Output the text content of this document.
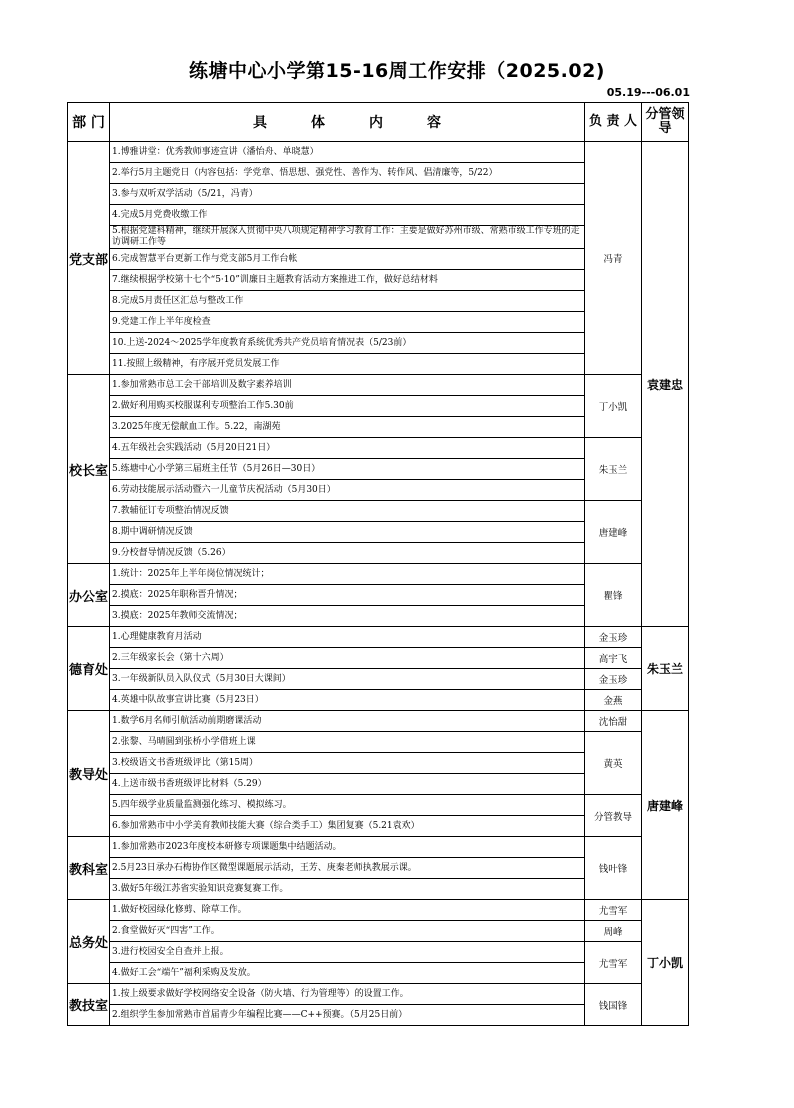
练塘中心小学第15-16周工作安排（2025.02)
05.19---06.01
部 门	具 体 内 容	负 责 人	分管领导
党支部	1.博雅讲堂：优秀教师事迹宣讲（潘怡舟、单晓慧）	冯青	袁建忠
	2.举行5月主题党日（内容包括：学党章、悟思想、强党性、善作为、转作风、倡清廉等，5/22）		
	3.参与双听双学活动（5/21，冯青）		
	4.完成5月党费收缴工作		
	5.根据党建科精神，继续开展深入贯彻中央八项规定精神学习教育工作：主要是做好苏州市级、常熟市级工作专班的走访调研工作等		
	6.完成智慧平台更新工作与党支部5月工作台帐		
	7.继续根据学校第十七个“5·10”训廉日主题教育活动方案推进工作，做好总结材料		
	8.完成5月责任区汇总与整改工作		
	9.党建工作上半年度检查		
	10.上送-2024～2025学年度教育系统优秀共产党员培育情况表（5/23前）		
	11.按照上级精神，有序展开党员发展工作		
校长室	1.参加常熟市总工会干部培训及数字素养培训	丁小凯	
	2.做好利用购买校服谋利专项整治工作5.30前		
	3.2025年度无偿献血工作。5.22，南湖苑		
	4.五年级社会实践活动（5月20日21日）	朱玉兰	
	5.练塘中心小学第三届班主任节（5月26日—30日）		
	6.劳动技能展示活动暨六一儿童节庆祝活动（5月30日）		
	7.教辅征订专项整治情况反馈	唐建峰	
	8.期中调研情况反馈		
	9.分校督导情况反馈（5.26）		
办公室	1.统计：2025年上半年岗位情况统计；	瞿锋	
	2.摸底：2025年职称晋升情况；		
	3.摸底：2025年教师交流情况；		
德育处	1.心理健康教育月活动	金玉珍	朱玉兰
	2.三年级家长会（第十六周）	高宇飞	
	3.一年级新队员入队仪式（5月30日大课间）	金玉珍	
	4.英雄中队故事宣讲比赛（5月23日）	金燕	
教导处	1.数学6月名师引航活动前期磨课活动	沈怡甜	唐建峰
	2.张黎、马晴圆到张桥小学借班上课	黄英	
	3.校级语文书香班级评比（第15周）		
	4.上送市级书香班级评比材料（5.29）		
	5.四年级学业质量监测强化练习、模拟练习。	分管教导	
	6.参加常熟市中小学美育教师技能大赛（综合类手工）集团复赛（5.21袁欢）		
教科室	1.参加常熟市2023年度校本研修专项课题集中结题活动。	钱叶锋	
	2.5月23日承办石梅协作区微型课题展示活动，王芳、庚秦老师执教展示课。		
	3.做好5年级江苏省实验知识竞赛复赛工作。		
总务处	1.做好校园绿化修剪、除草工作。	尤雪军	丁小凯
	2.食堂做好灭“四害”工作。	周峰	
	3.进行校园安全自查并上报。	尤雪军	
	4.做好工会“端午”福利采购及发放。		
教技室	1.按上级要求做好学校网络安全设备（防火墙、行为管理等）的设置工作。	钱国锋	
	2.组织学生参加常熟市首届青少年编程比赛——C++预赛。（5月25日前）		
